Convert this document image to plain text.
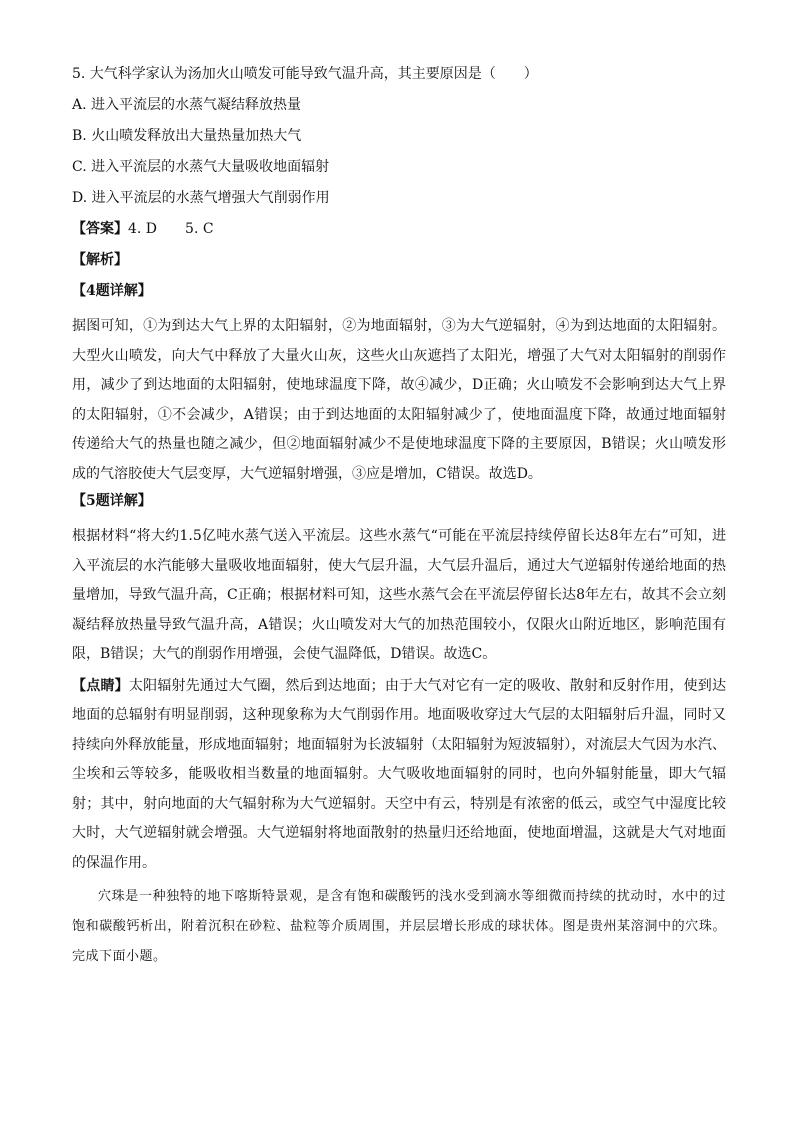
5. 大气科学家认为汤加火山喷发可能导致气温升高，其主要原因是（　　）
A. 进入平流层的水蒸气凝结释放热量
B. 火山喷发释放出大量热量加热大气
C. 进入平流层的水蒸气大量吸收地面辐射
D. 进入平流层的水蒸气增强大气削弱作用
【答案】4. D　　5. C
【解析】
【4题详解】

据图可知，①为到达大气上界的太阳辐射，②为地面辐射，③为大气逆辐射，④为到达地面的太阳辐射。大型火山喷发，向大气中释放了大量火山灰，这些火山灰遮挡了太阳光，增强了大气对太阳辐射的削弱作用，减少了到达地面的太阳辐射，使地球温度下降，故④减少，D正确；火山喷发不会影响到达大气上界的太阳辐射，①不会减少，A错误；由于到达地面的太阳辐射减少了，使地面温度下降，故通过地面辐射传递给大气的热量也随之减少，但②地面辐射减少不是使地球温度下降的主要原因，B错误；火山喷发形成的气溶胶使大气层变厚，大气逆辐射增强，③应是增加，C错误。故选D。

【5题详解】

根据材料“将大约1.5亿吨水蒸气送入平流层。这些水蒸气“可能在平流层持续停留长达8年左右”可知，进入平流层的水汽能够大量吸收地面辐射，使大气层升温，大气层升温后，通过大气逆辐射传递给地面的热量增加，导致气温升高，C正确；根据材料可知，这些水蒸气会在平流层停留长达8年左右，故其不会立刻凝结释放热量导致气温升高，A错误；火山喷发对大气的加热范围较小，仅限火山附近地区，影响范围有限，B错误；大气的削弱作用增强，会使气温降低，D错误。故选C。

【点睛】太阳辐射先通过大气圈，然后到达地面；由于大气对它有一定的吸收、散射和反射作用，使到达地面的总辐射有明显削弱，这种现象称为大气削弱作用。地面吸收穿过大气层的太阳辐射后升温，同时又持续向外释放能量，形成地面辐射；地面辐射为长波辐射（太阳辐射为短波辐射），对流层大气因为水汽、尘埃和云等较多，能吸收相当数量的地面辐射。大气吸收地面辐射的同时，也向外辐射能量，即大气辐射；其中，射向地面的大气辐射称为大气逆辐射。天空中有云，特别是有浓密的低云，或空气中湿度比较大时，大气逆辐射就会增强。大气逆辐射将地面散射的热量归还给地面，使地面增温，这就是大气对地面的保温作用。

穴珠是一种独特的地下喀斯特景观，是含有饱和碳酸钙的浅水受到滴水等细微而持续的扰动时，水中的过饱和碳酸钙析出，附着沉积在砂粒、盐粒等介质周围，并层层增长形成的球状体。图是贵州某溶洞中的穴珠。完成下面小题。
